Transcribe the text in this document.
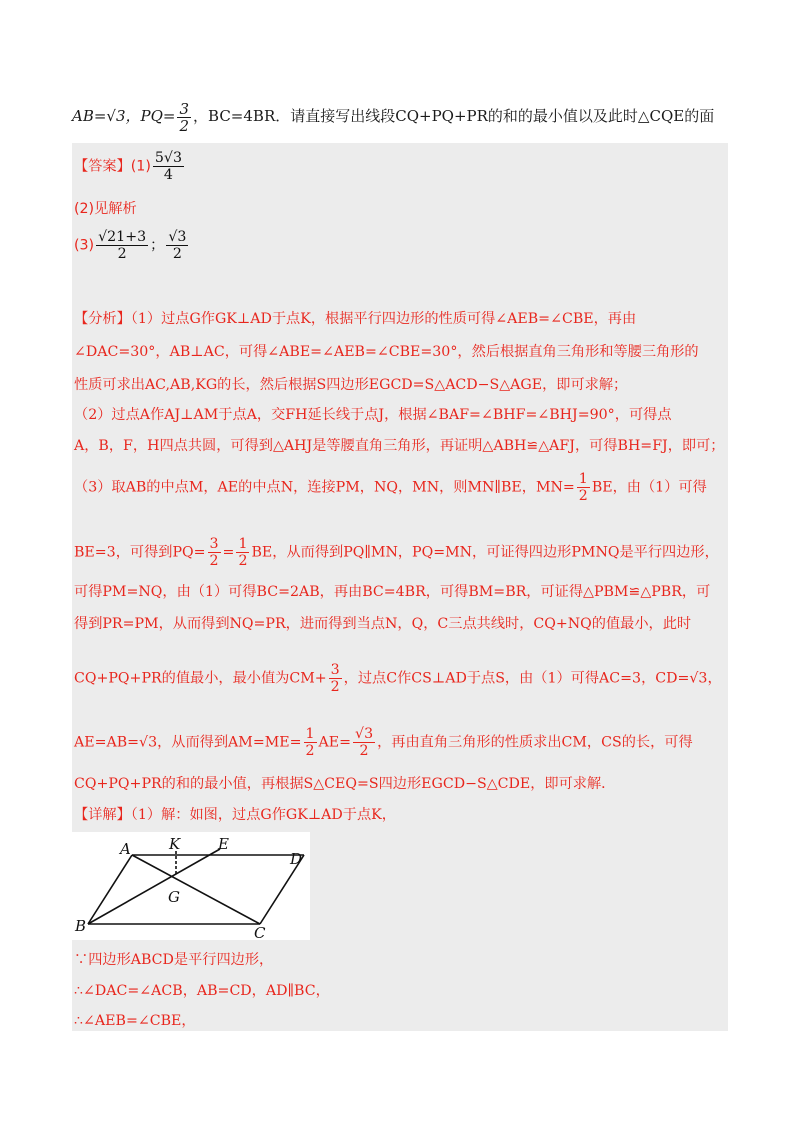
AB=√3，$PQ= \frac{3}{2}$ ，BC=4BR．请直接写出线段CQ+PQ+PR的和的最小值以及此时△CQE的面
【答案】$(1) \frac{5√3}{4}$
(2)见解析
$(3) \frac{√21+3}{2}$ ； $\frac{√3}{2}$
【分析】（1）过点G作GK⊥AD于点K，根据平行四边形的性质可得∠AEB=∠CBE，再由
∠DAC=30°，AB⊥AC，可得∠ABE=∠AEB=∠CBE=30°，然后根据直角三角形和等腰三角形的
性质可求出AC,AB,KG的长，然后根据S四边形EGCD=S△ACD−S△AGE，即可求解；
（2）过点A作AJ⊥AM于点A，交FH延长线于点J，根据∠BAF=∠BHF=∠BHJ=90°，可得点
A，B，F，H四点共圆，可得到△AHJ是等腰直角三角形，再证明△ABH≌△AFJ，可得BH=FJ，即可；
（3）取AB的中点M，AE的中点N，连接PM，NQ，MN，则MN∥BE，$MN= \frac{1}{2}$ BE，由（1）可得
BE=3，可得到$PQ= \frac{3}{2} = \frac{1}{2}$ BE，从而得到PQ∥MN，PQ=MN，可证得四边形PMNQ是平行四边形，
可得PM=NQ，由（1）可得BC=2AB，再由BC=4BR，可得BM=BR，可证得△PBM≌△PBR，可
得到PR=PM，从而得到NQ=PR，进而得到当点N，Q，C三点共线时，CQ+NQ的值最小，此时
CQ+PQ+PR的值最小，最小值为$CM+ \frac{3}{2}$ ，过点C作CS⊥AD于点S，由（1）可得AC=3，CD=√3，
AE=AB=√3，从而得到$AM=ME= \frac{1}{2} AE= \frac{√3}{2}$ ，再由直角三角形的性质求出CM，CS的长，可得
CQ+PQ+PR的和的最小值，再根据S△CEQ=S四边形EGCD−S△CDE，即可求解．
【详解】（1）解：如图，过点G作GK⊥AD于点K，
A	K	E
D
G
B	C
∵四边形ABCD是平行四边形，
∴∠DAC=∠ACB，AB=CD，AD∥BC，
∴∠AEB=∠CBE，
